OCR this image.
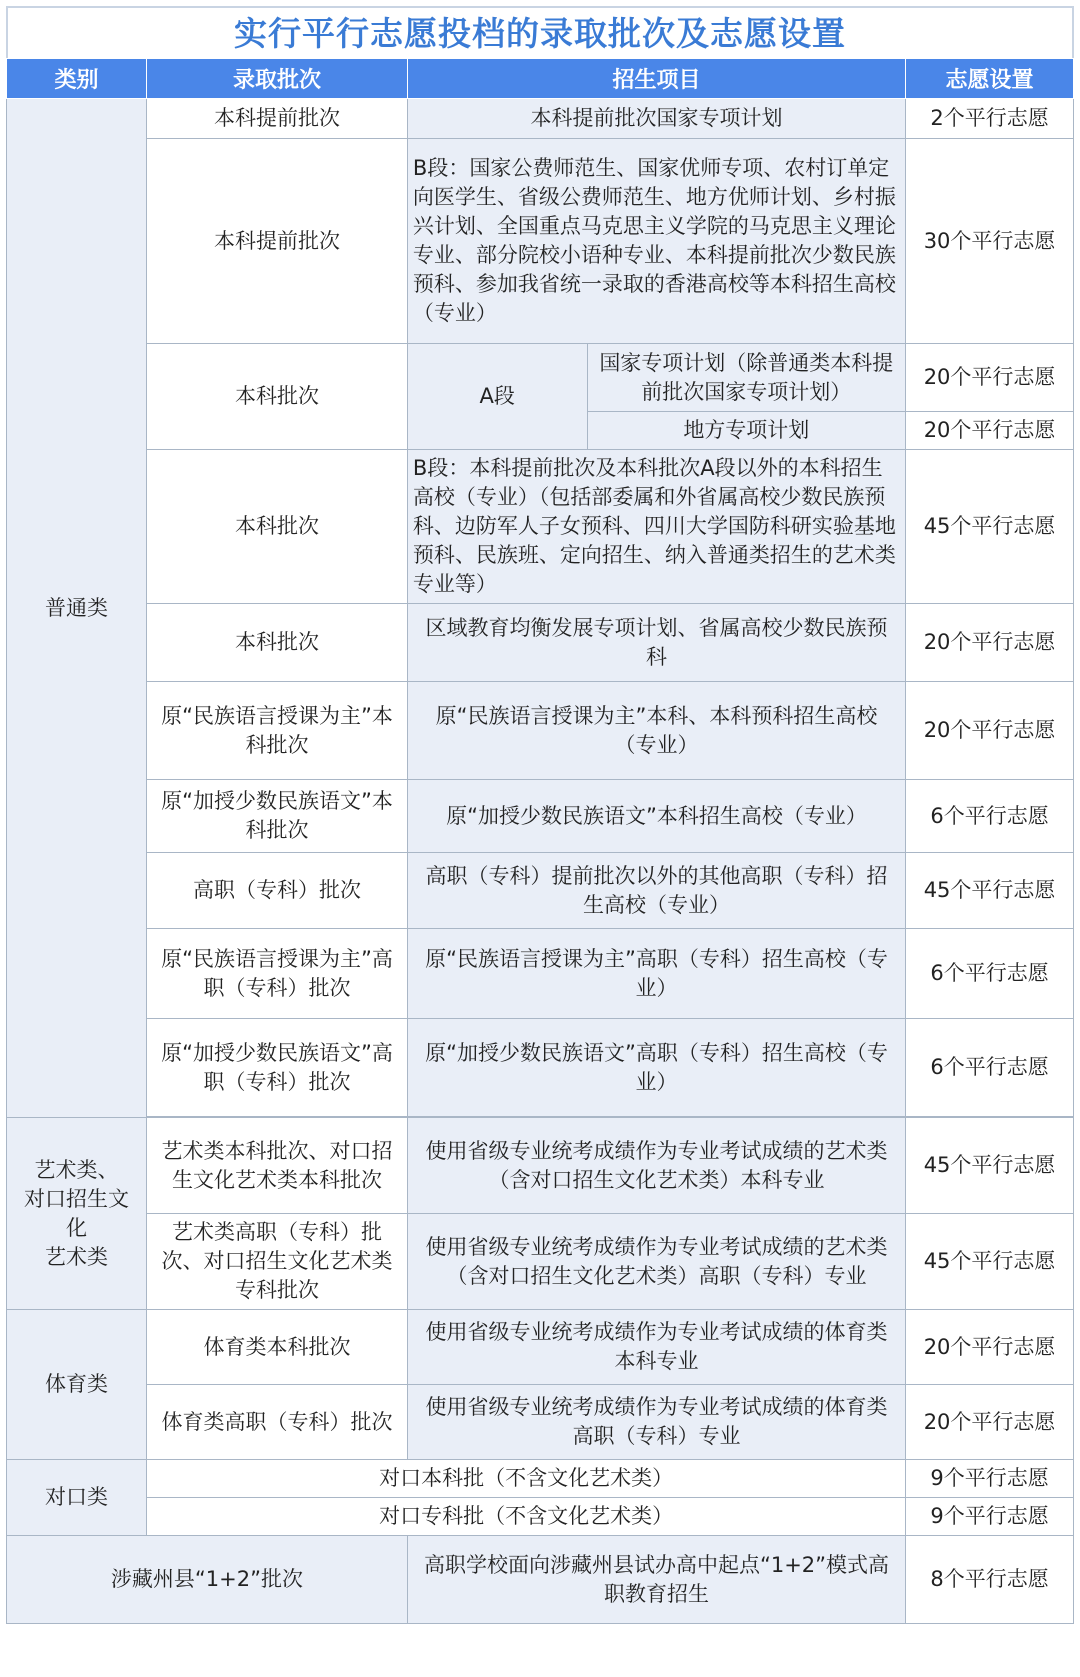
实行平行志愿投档的录取批次及志愿设置
类别	录取批次	招生项目		志愿设置
普通类	本科提前批次	本科提前批次国家专项计划		2个平行志愿
	本科提前批次	B段：国家公费师范生、国家优师专项、农村订单定向医学生、省级公费师范生、地方优师计划、乡村振兴计划、全国重点马克思主义学院的马克思主义理论专业、部分院校小语种专业、本科提前批次少数民族预科、参加我省统一录取的香港高校等本科招生高校（专业）		30个平行志愿
	本科批次	A段	国家专项计划（除普通类本科提前批次国家专项计划）	20个平行志愿
			地方专项计划	20个平行志愿
	本科批次	B段：本科提前批次及本科批次A段以外的本科招生高校（专业）（包括部委属和外省属高校少数民族预科、边防军人子女预科、四川大学国防科研实验基地预科、民族班、定向招生、纳入普通类招生的艺术类专业等）		45个平行志愿
	本科批次	区域教育均衡发展专项计划、省属高校少数民族预科		20个平行志愿
	原“民族语言授课为主”本科批次	原“民族语言授课为主”本科、本科预科招生高校（专业）		20个平行志愿
	原“加授少数民族语文”本科批次	原“加授少数民族语文”本科招生高校（专业）		6个平行志愿
	高职（专科）批次	高职（专科）提前批次以外的其他高职（专科）招生高校（专业）		45个平行志愿
	原“民族语言授课为主”高职（专科）批次	原“民族语言授课为主”高职（专科）招生高校（专业）		6个平行志愿
	原“加授少数民族语文”高职（专科）批次	原“加授少数民族语文”高职（专科）招生高校（专业）		6个平行志愿

艺术类、
对口招生文化
艺术类	艺术类本科批次、对口招生文化艺术类本科批次	使用省级专业统考成绩作为专业考试成绩的艺术类（含对口招生文化艺术类）本科专业		45个平行志愿
	艺术类高职（专科）批次、对口招生文化艺术类专科批次	使用省级专业统考成绩作为专业考试成绩的艺术类（含对口招生文化艺术类）高职（专科）专业		45个平行志愿
体育类	体育类本科批次	使用省级专业统考成绩作为专业考试成绩的体育类本科专业		20个平行志愿
	体育类高职（专科）批次	使用省级专业统考成绩作为专业考试成绩的体育类高职（专科）专业		20个平行志愿
对口类	对口本科批（不含文化艺术类）			9个平行志愿
	对口专科批（不含文化艺术类）			9个平行志愿
涉藏州县“1+2”批次		高职学校面向涉藏州县试办高中起点“1+2”模式高职教育招生		8个平行志愿
